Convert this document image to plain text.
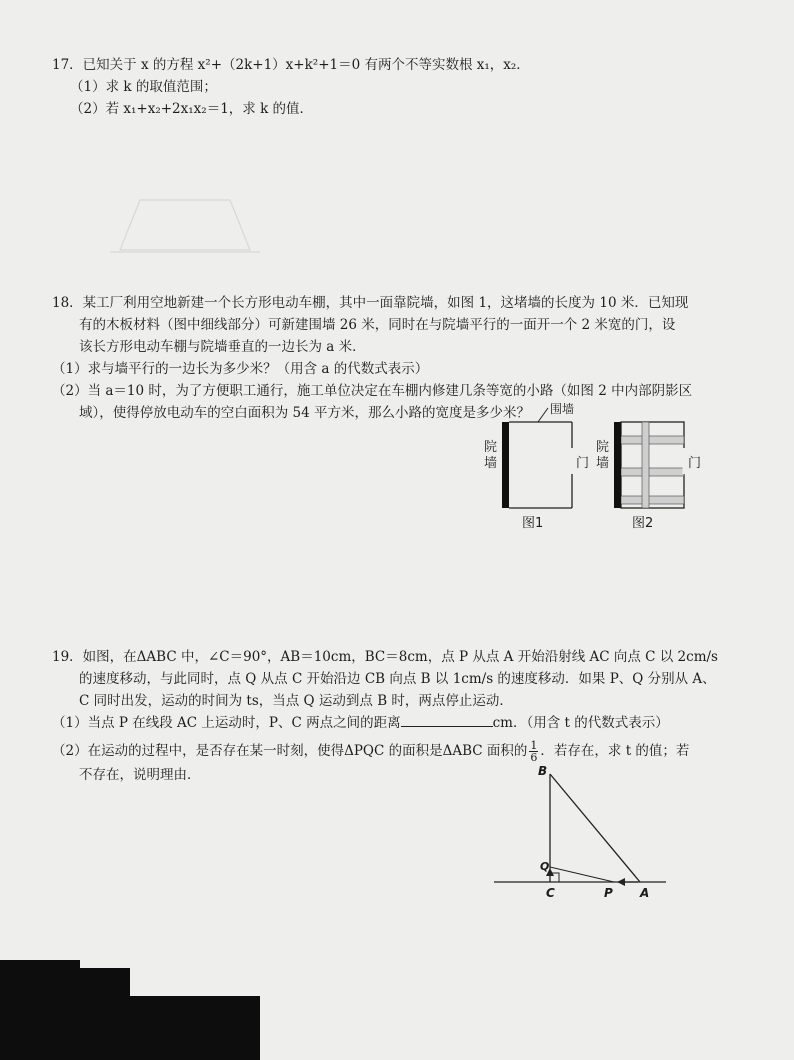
17．已知关于 x 的方程 x²+（2k+1）x+k²+1＝0 有两个不等实数根 x₁，x₂．
（1）求 k 的取值范围；
（2）若 x₁+x₂+2x₁x₂＝1，求 k 的值．
18．某工厂利用空地新建一个长方形电动车棚，其中一面靠院墙，如图 1，这堵墙的长度为 10 米．已知现
有的木板材料（图中细线部分）可新建围墙 26 米，同时在与院墙平行的一面开一个 2 米宽的门，设
该长方形电动车棚与院墙垂直的一边长为 a 米．
（1）求与墙平行的一边长为多少米？（用含 a 的代数式表示）
（2）当 a＝10 时，为了方便职工通行，施工单位决定在车棚内修建几条等宽的小路（如图 2 中内部阴影区
域），使得停放电动车的空白面积为 54 平方米，那么小路的宽度是多少米？ 围墙
院墙	门
图1
院墙	门
图2
19．如图，在ΔABC 中，∠C＝90°，AB＝10cm，BC＝8cm，点 P 从点 A 开始沿射线 AC 向点 C 以 2cm/s
的速度移动，与此同时，点 Q 从点 C 开始沿边 CB 向点 B 以 1cm/s 的速度移动．如果 P、Q 分别从 A、
C 同时出发，运动的时间为 ts，当点 Q 运动到点 B 时，两点停止运动．
（1）当点 P 在线段 AC 上运动时，P、C 两点之间的距离	cm．（用含 t 的代数式表示）
（2）在运动的过程中，是否存在某一时刻，使得ΔPQC 的面积是ΔABC 面积的 $\frac{1}{6}$ ．若存在，求 t 的值；若
不存在，说明理由．	B
Q
C	P A
